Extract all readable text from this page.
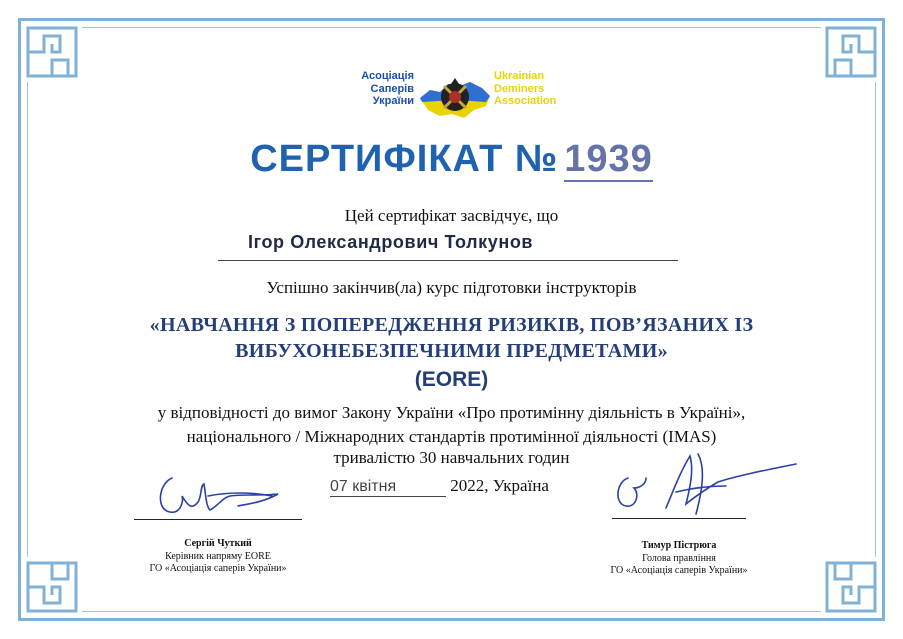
Асоціація
Саперів
України
Ukrainian
Deminers
Association
СЕРТИФІКАТ № 1939
Цей сертифікат засвідчує, що
Ігор Олександрович Толкунов
Успішно закінчив(ла) курс підготовки інструкторів
«НАВЧАННЯ З ПОПЕРЕДЖЕННЯ РИЗИКІВ, ПОВ’ЯЗАНИХ ІЗ
ВИБУХОНЕБЕЗПЕЧНИМИ ПРЕДМЕТАМИ»
(EORE)
у відповідності до вимог Закону України «Про протимінну діяльність в Україні»,
національного / Міжнародних стандартів протимінної діяльності (IMAS)
тривалістю 30 навчальних годин
07 квітня	2022, Україна
Сергій Чуткий
Керівник напряму EORE
ГО «Асоціація саперів України»
Тимур Пістрюга
Голова правління
ГО «Асоціація саперів України»
